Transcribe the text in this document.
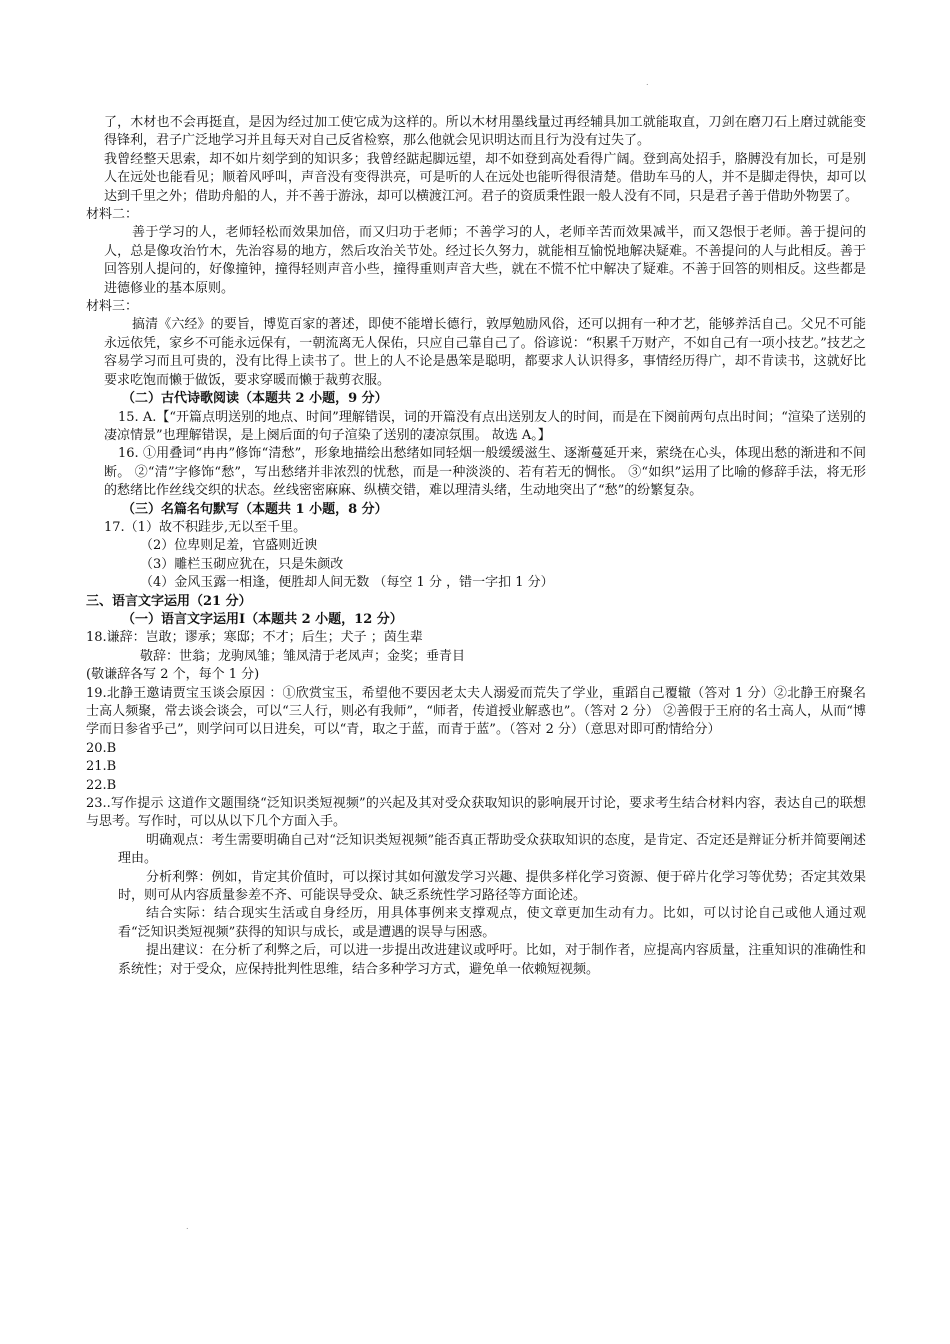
.
.

了，木材也不会再挺直，是因为经过加工使它成为这样的。所以木材用墨线量过再经辅具加工就能取直，刀剑在磨刀石上磨过就能变得锋利，君子广泛地学习并且每天对自己反省检察，那么他就会见识明达而且行为没有过失了。

我曾经整天思索，却不如片刻学到的知识多；我曾经踮起脚远望，却不如登到高处看得广阔。登到高处招手，胳膊没有加长，可是别人在远处也能看见；顺着风呼叫，声音没有变得洪亮，可是听的人在远处也能听得很清楚。借助车马的人，并不是脚走得快，却可以达到千里之外；借助舟船的人，并不善于游泳，却可以横渡江河。君子的资质秉性跟一般人没有不同，只是君子善于借助外物罢了。

材料二：

善于学习的人，老师轻松而效果加倍，而又归功于老师；不善学习的人，老师辛苦而效果减半，而又怨恨于老师。善于提问的人，总是像攻治竹木，先治容易的地方，然后攻治关节处。经过长久努力，就能相互愉悦地解决疑难。不善提问的人与此相反。善于回答别人提问的，好像撞钟，撞得轻则声音小些，撞得重则声音大些，就在不慌不忙中解决了疑难。不善于回答的则相反。这些都是进德修业的基本原则。

材料三：

搞清《六经》的要旨，博览百家的著述，即使不能增长德行，敦厚勉励风俗，还可以拥有一种才艺，能够养活自己。父兄不可能永远依凭，家乡不可能永远保有，一朝流离无人保佑，只应自己靠自己了。俗谚说：“积累千万财产，不如自己有一项小技艺。”技艺之容易学习而且可贵的，没有比得上读书了。世上的人不论是愚笨是聪明，都要求人认识得多，事情经历得广，却不肯读书，这就好比要求吃饱而懒于做饭，要求穿暖而懒于裁剪衣服。

（二）古代诗歌阅读（本题共 2 小题，9 分）

15. A.【“开篇点明送别的地点、时间”理解错误，词的开篇没有点出送别友人的时间，而是在下阕前两句点出时间；“渲染了送别的凄凉情景”也理解错误，是上阕后面的句子渲染了送别的凄凉氛围。 故选 A。】

16. ①用叠词“冉冉”修饰“清愁”，形象地描绘出愁绪如同轻烟一般缓缓滋生、逐渐蔓延开来，萦绕在心头，体现出愁的渐进和不间断。 ②“清”字修饰“愁”，写出愁绪并非浓烈的忧愁，而是一种淡淡的、若有若无的惆怅。 ③“如织”运用了比喻的修辞手法，将无形的愁绪比作丝线交织的状态。丝线密密麻麻、纵横交错，难以理清头绪，生动地突出了“愁”的纷繁复杂。

（三）名篇名句默写（本题共 1 小题，8 分）

17.（1）故不积跬步,无以至千里。

（2）位卑则足羞，官盛则近谀

（3）雕栏玉砌应犹在，只是朱颜改

（4）金风玉露一相逢，便胜却人间无数 （每空 1 分 ，错一字扣 1 分）

三、语言文字运用（21 分）

（一）语言文字运用Ⅰ（本题共 2 小题，12 分）

18.谦辞：岂敢；谬承；寒邸；不才；后生；犬子 ；茵生辈

敬辞：世翁；龙驹凤雏；雏凤清于老凤声；金奖；垂青目

(敬谦辞各写 2 个，每个 1 分)

19.北静王邀请贾宝玉谈会原因 ：①欣赏宝玉，希望他不要因老太夫人溺爱而荒失了学业，重蹈自己覆辙（答对 1 分）②北静王府聚名士高人频聚，常去谈会谈会，可以“三人行，则必有我师”，“师者，传道授业解惑也”。（答对 2 分） ②善假于王府的名士高人，从而“博学而日参省乎己”，则学问可以日进矣，可以“青，取之于蓝，而青于蓝”。（答对 2 分）（意思对即可酌情给分）

20.B

21.B

22.B

23..写作提示 这道作文题围绕“泛知识类短视频”的兴起及其对受众获取知识的影响展开讨论，要求考生结合材料内容，表达自己的联想与思考。写作时，可以从以下几个方面入手。

明确观点：考生需要明确自己对“泛知识类短视频”能否真正帮助受众获取知识的态度，是肯定、否定还是辩证分析并简要阐述理由。

分析利弊：例如，肯定其价值时，可以探讨其如何激发学习兴趣、提供多样化学习资源、便于碎片化学习等优势；否定其效果时，则可从内容质量参差不齐、可能误导受众、缺乏系统性学习路径等方面论述。

结合实际：结合现实生活或自身经历，用具体事例来支撑观点，使文章更加生动有力。比如，可以讨论自己或他人通过观看“泛知识类短视频”获得的知识与成长，或是遭遇的误导与困惑。

提出建议：在分析了利弊之后，可以进一步提出改进建议或呼吁。比如，对于制作者，应提高内容质量，注重知识的准确性和系统性；对于受众，应保持批判性思维，结合多种学习方式，避免单一依赖短视频。
